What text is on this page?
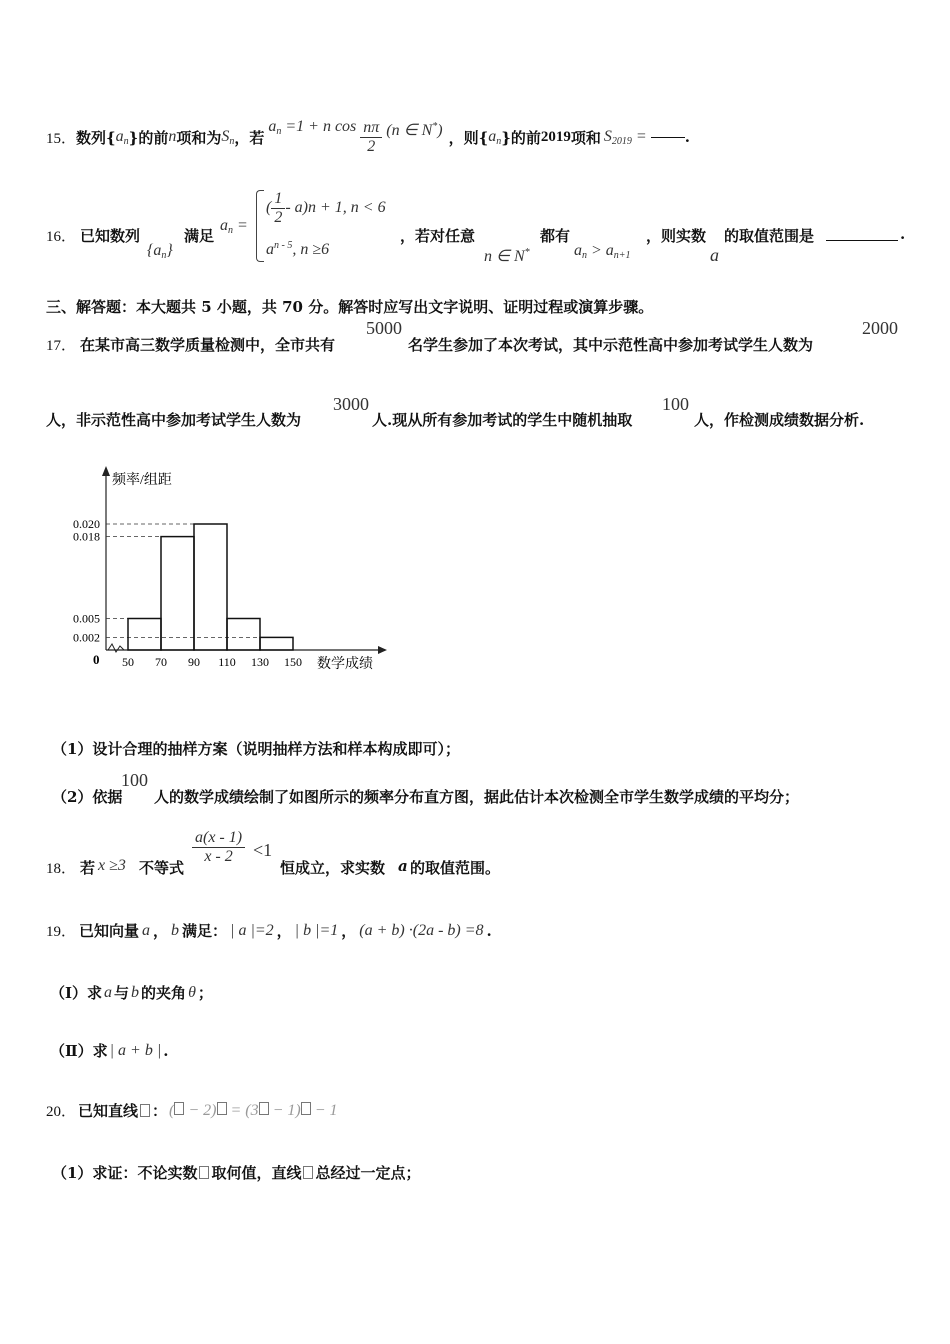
15． 数列{ $a_n$ }的前 n 项和为 $S_n$ ，若
$a_n =1 + n$ $\cos \frac{n\pi}{2} (n$ ∈ N*) ，则{ $a_n$ }的前 2019 项和 $S_{2019}$ =	.
16． 已知数列
$\{a_n\}$
满足
$a_n$ =
( $\frac{1}{2} - a)n + 1$, n < 6
$a^{n - 5}$, n ≥6
，若对任意
n ∈ N*
都有
$a_n > a_{n+1}$
，则实数
a
的取值范围是	.
三、解答题：本大题共 5 小题，共 70 分。解答时应写出文字说明、证明过程或演算步骤。
17． 在某市高三数学质量检测中，全市共有
5000
名学生参加了本次考试，其中示范性高中参加考试学生人数为
2000
人，非示范性高中参加考试学生人数为
3000
人.现从所有参加考试的学生中随机抽取
100
人，作检测成绩数据分析.
频率/组距
数学成绩
0
0.020
0.018
0.005
0.002
50 70 90 110 130 150
（1）设计合理的抽样方案（说明抽样方法和样本构成即可）；
（2）依据
100
人的数学成绩绘制了如图所示的频率分布直方图，据此估计本次检测全市学生数学成绩的平均分；
18． 若 x ≥3 不等式
$\frac{a(x - 1)}{x - 2} <1$
恒成立，求实数 a 的取值范围。
19． 已知向量 a ， b 满足： | a |=2 ， | b |=1 ， (a + b) ·(2a - b) =8 .
（Ⅰ）求 a 与 b 的夹角 θ ；
（Ⅱ）求 | a + b | .
20． 已知直线 ： ( − 2) = (3 − 1) − 1
（1）求证：不论实数 取何值，直线 总经过一定点；
